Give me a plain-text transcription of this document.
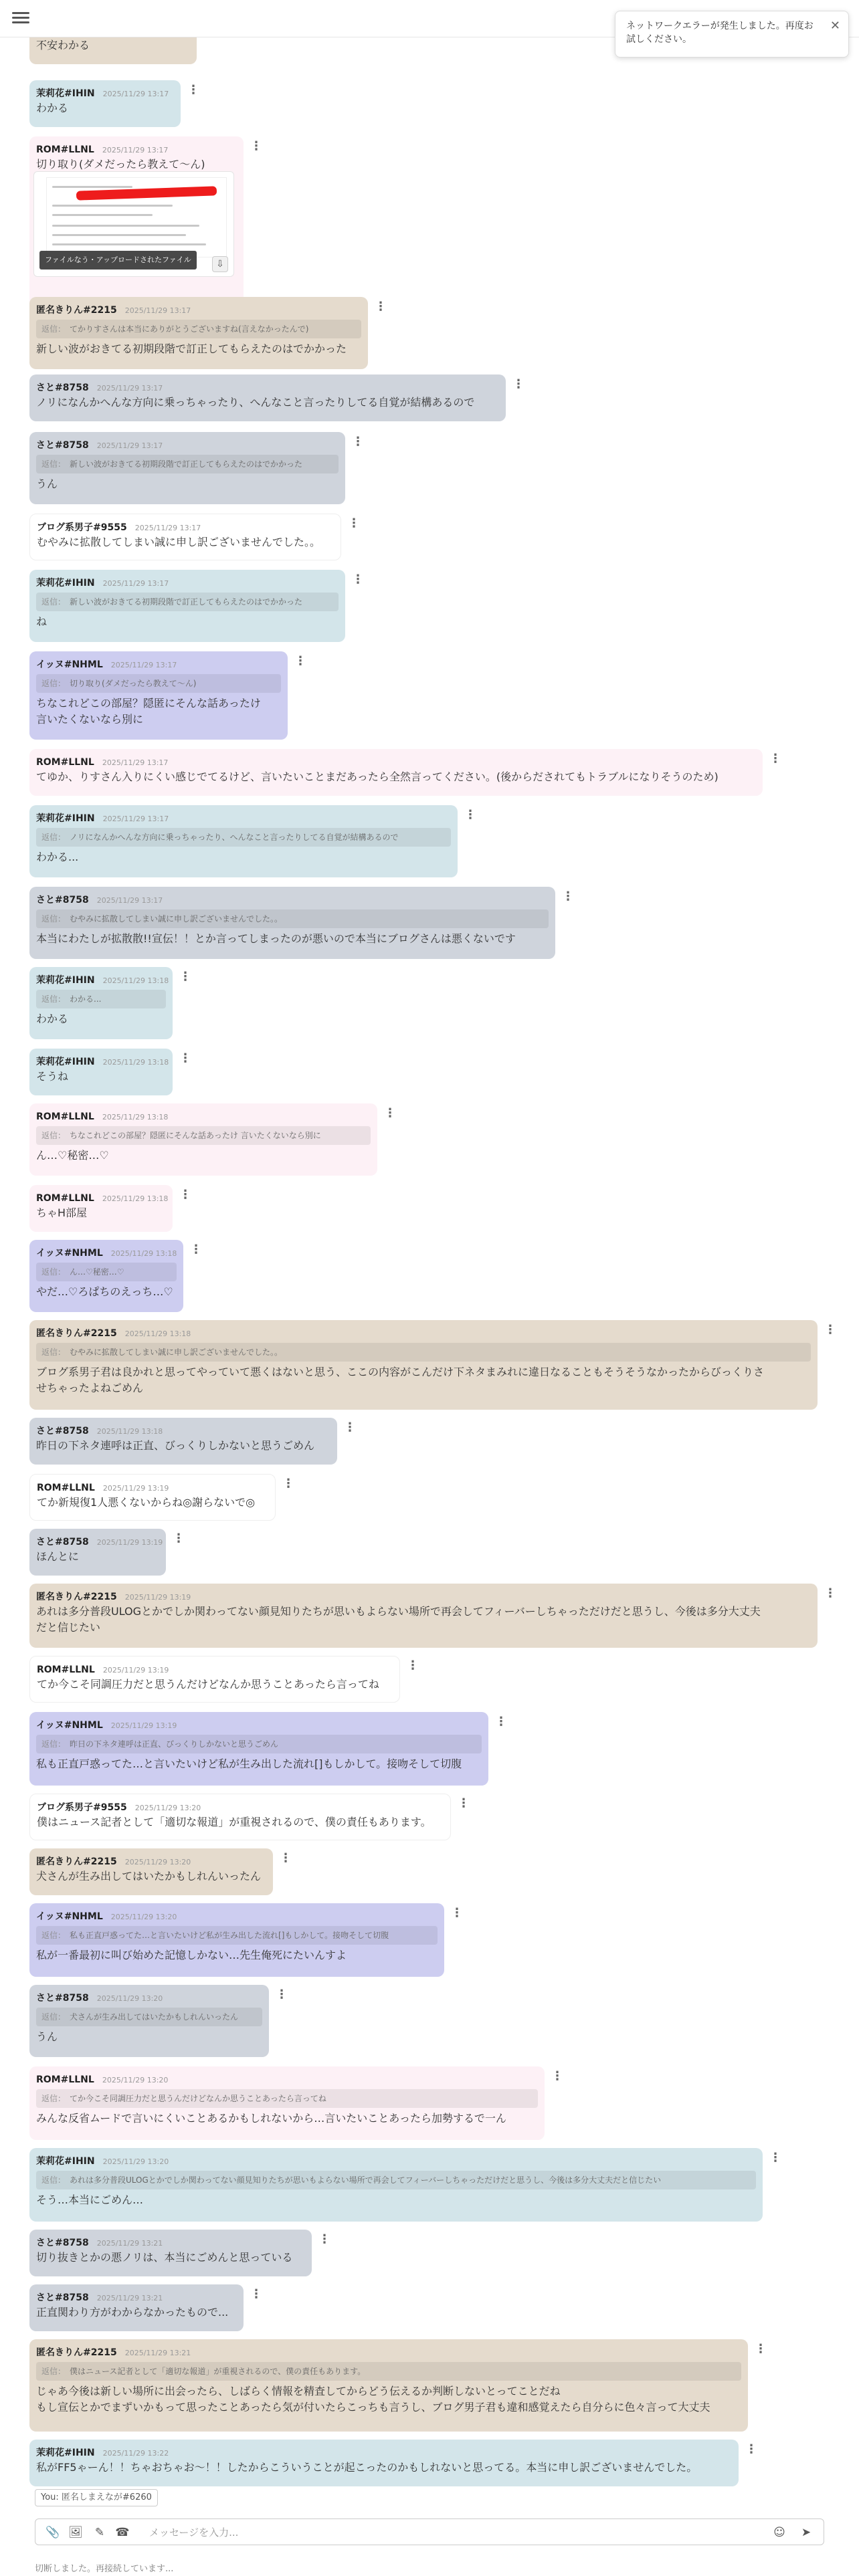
ネットワークエラーが発生しました。再度お試しください。
✕
不安わかる
茉莉花#IHIN 2025/11/29 13:17
わかる
⋮
ROM#LLNL 2025/11/29 13:17
切り取り(ダメだったら教えて〜ん)
ファイルなう・アップロードされたファイル	⇩
⋮
匿名きりん#2215 2025/11/29 13:17
返信： てかりすさんは本当にありがとうございますね(言えなかったんで)
新しい波がおきてる初期段階で訂正してもらえたのはでかかった
⋮
さと#8758 2025/11/29 13:17
ノリになんかへんな方向に乗っちゃったり、へんなこと言ったりしてる自覚が結構あるので
⋮
さと#8758 2025/11/29 13:17
返信： 新しい波がおきてる初期段階で訂正してもらえたのはでかかった
うん
⋮
ブログ系男子#9555 2025/11/29 13:17
むやみに拡散してしまい誠に申し訳ございませんでした。。
⋮
茉莉花#IHIN 2025/11/29 13:17
返信： 新しい波がおきてる初期段階で訂正してもらえたのはでかかった
ね
⋮
イッヌ#NHML 2025/11/29 13:17
返信： 切り取り(ダメだったら教えて〜ん)
ちなこれどこの部屋？隠匿にそんな話あったけ
言いたくないなら別に
⋮
ROM#LLNL 2025/11/29 13:17
てゆか、りすさん入りにくい感じでてるけど、言いたいことまだあったら全然言ってください。(後からだされてもトラブルになりそうのため)
⋮
茉莉花#IHIN 2025/11/29 13:17
返信： ノリになんかへんな方向に乗っちゃったり、へんなこと言ったりしてる自覚が結構あるので
わかる...
⋮
さと#8758 2025/11/29 13:17
返信： むやみに拡散してしまい誠に申し訳ございませんでした。。
本当にわたしが拡散散!!宣伝！！とか言ってしまったのが悪いので本当にブログさんは悪くないです
⋮
茉莉花#IHIN 2025/11/29 13:18
返信： わかる...
わかる
⋮
茉莉花#IHIN 2025/11/29 13:18
そうね
⋮
ROM#LLNL 2025/11/29 13:18
返信： ちなこれどこの部屋？隠匿にそんな話あったけ 言いたくないなら別に
ん…♡秘密…♡
⋮
ROM#LLNL 2025/11/29 13:18
ちゃH部屋
⋮
イッヌ#NHML 2025/11/29 13:18
返信： ん…♡秘密…♡
やだ…♡ろぱちのえっち…♡
⋮
匿名きりん#2215 2025/11/29 13:18
返信： むやみに拡散してしまい誠に申し訳ございませんでした。。
ブログ系男子君は良かれと思ってやっていて悪くはないと思う、ここの内容がこんだけ下ネタまみれに違日なることもそうそうなかったからびっくりさ
せちゃったよねごめん
⋮
さと#8758 2025/11/29 13:18
昨日の下ネタ連呼は正直、びっくりしかないと思うごめん
⋮
ROM#LLNL 2025/11/29 13:19
てか新規復1人悪くないからね◎謝らないで◎
⋮
さと#8758 2025/11/29 13:19
ほんとに
⋮
匿名きりん#2215 2025/11/29 13:19
あれは多分普段ULOGとかでしか関わってない顔見知りたちが思いもよらない場所で再会してフィーバーしちゃっただけだと思うし、今後は多分大丈夫
だと信じたい
⋮
ROM#LLNL 2025/11/29 13:19
てか今こそ同調圧力だと思うんだけどなんか思うことあったら言ってね
⋮
イッヌ#NHML 2025/11/29 13:19
返信： 昨日の下ネタ連呼は正直、びっくりしかないと思うごめん
私も正直戸惑ってた…と言いたいけど私が生み出した流れ[]もしかして。接吻そして切腹
⋮
ブログ系男子#9555 2025/11/29 13:20
僕はニュース記者として「適切な報道」が重視されるので、僕の責任もあります。
⋮
匿名きりん#2215 2025/11/29 13:20
犬さんが生み出してはいたかもしれんいったん
⋮
イッヌ#NHML 2025/11/29 13:20
返信： 私も正直戸惑ってた…と言いたいけど私が生み出した流れ[]もしかして。接吻そして切腹
私が一番最初に叫び始めた記憶しかない…先生俺死にたいんすよ
⋮
さと#8758 2025/11/29 13:20
返信： 犬さんが生み出してはいたかもしれんいったん
うん
⋮
ROM#LLNL 2025/11/29 13:20
返信： てか今こそ同調圧力だと思うんだけどなんか思うことあったら言ってね
みんな反省ムードで言いにくいことあるかもしれないから…言いたいことあったら加勢するで一ん
⋮
茉莉花#IHIN 2025/11/29 13:20
返信： あれは多分普段ULOGとかでしか関わってない顔見知りたちが思いもよらない場所で再会してフィーバーしちゃっただけだと思うし、今後は多分大丈夫だと信じたい
そう…本当にごめん…
⋮
さと#8758 2025/11/29 13:21
切り抜きとかの悪ノリは、本当にごめんと思っている
⋮
さと#8758 2025/11/29 13:21
正直関わり方がわからなかったもので...
⋮
匿名きりん#2215 2025/11/29 13:21
返信： 僕はニュース記者として「適切な報道」が重視されるので、僕の責任もあります。
じゃあ今後は新しい場所に出会ったら、しばらく情報を精査してからどう伝えるか判断しないとってことだね
もし宣伝とかでまずいかもって思ったことあったら気が付いたらこっちも言うし、ブログ男子君も違和感覚えたら自分らに色々言って大丈夫
⋮
茉莉花#IHIN 2025/11/29 13:22
私がFF5ゃーん！！ちゃおちゃお～！！したからこういうことが起こったのかもしれないと思ってる。本当に申し訳ございませんでした。
⋮
You: 匿名しまえなが#6260
📎 🖼 ✎ ☎
メッセージを入力...	☺ ➤
切断しました。再接続しています...
